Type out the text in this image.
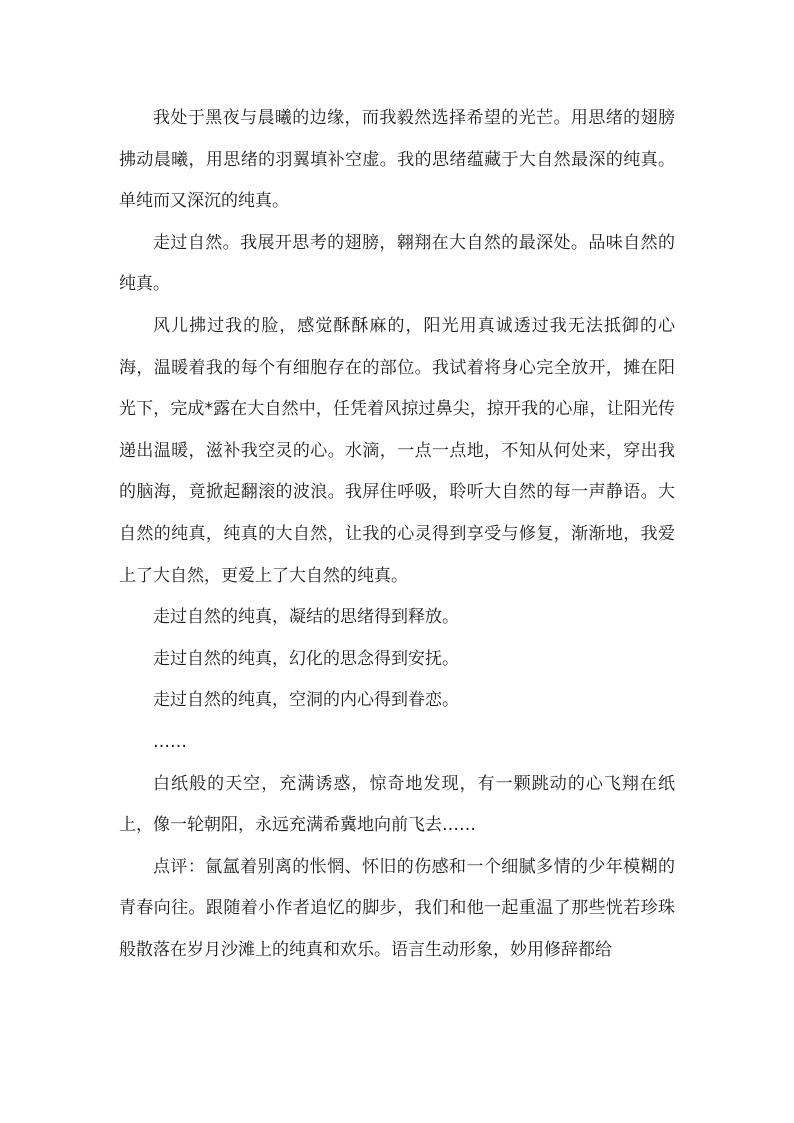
我处于黑夜与晨曦的边缘，而我毅然选择希望的光芒。用思绪的翅膀拂动晨曦，用思绪的羽翼填补空虚。我的思绪蕴藏于大自然最深的纯真。单纯而又深沉的纯真。

走过自然。我展开思考的翅膀，翱翔在大自然的最深处。品味自然的纯真。

风儿拂过我的脸，感觉酥酥麻的，阳光用真诚透过我无法抵御的心海，温暖着我的每个有细胞存在的部位。我试着将身心完全放开，摊在阳光下，完成*露在大自然中，任凭着风掠过鼻尖，掠开我的心扉，让阳光传递出温暖，滋补我空灵的心。水滴，一点一点地，不知从何处来，穿出我的脑海，竟掀起翻滚的波浪。我屏住呼吸，聆听大自然的每一声静语。大自然的纯真，纯真的大自然，让我的心灵得到享受与修复，渐渐地，我爱上了大自然，更爱上了大自然的纯真。

走过自然的纯真，凝结的思绪得到释放。

走过自然的纯真，幻化的思念得到安抚。

走过自然的纯真，空洞的内心得到眷恋。

……

白纸般的天空，充满诱惑，惊奇地发现，有一颗跳动的心飞翔在纸上，像一轮朝阳，永远充满希冀地向前飞去……

点评：氤氲着别离的怅惘、怀旧的伤感和一个细腻多情的少年模糊的青春向往。跟随着小作者追忆的脚步，我们和他一起重温了那些恍若珍珠般散落在岁月沙滩上的纯真和欢乐。语言生动形象，妙用修辞都给
